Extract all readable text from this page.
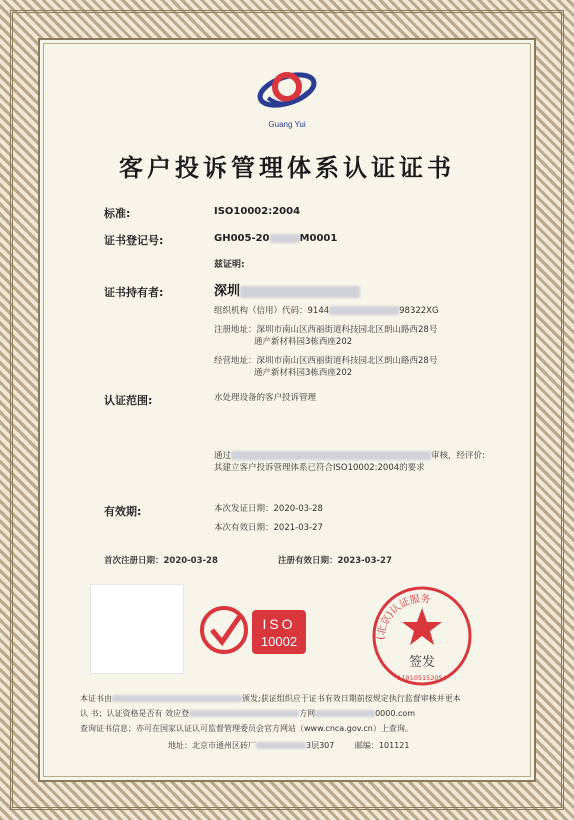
Guang Yui
客户投诉管理体系认证证书
标准:	ISO10002:2004
证书登记号:	GH005-20	M0001
兹证明:
证书持有者:	深圳
组织机构（信用）代码：9144	98322XG
注册地址：深圳市南山区西丽街道科技园北区朗山路西28号
通产新材料园3栋西座202
经营地址：深圳市南山区西丽街道科技园北区朗山路西28号
通产新材料园3栋西座202
认证范围:	水处理设备的客户投诉管理
通过	审核，经评价:
其建立客户投诉管理体系已符合ISO10002:2004的要求
有效期:	本次发证日期：2020-03-28
本次有效日期：2021-03-27
首次注册日期：2020-03-28	注册有效日期：2023-03-27
ISO
10002	(北京)认证服务
签发
110105152054
本证书由	颁发;获证组织应于证书有效日期前按规定执行监督审核并更本
认 书；认证资格是否有 效应登	方网	0000.com
查询证书信息；亦可在国家认证认可监督管理委员会官方网站（www.cnca.gov.cn）上查询。
地址：北京市通州区砖厂	3层307	邮编：101121
